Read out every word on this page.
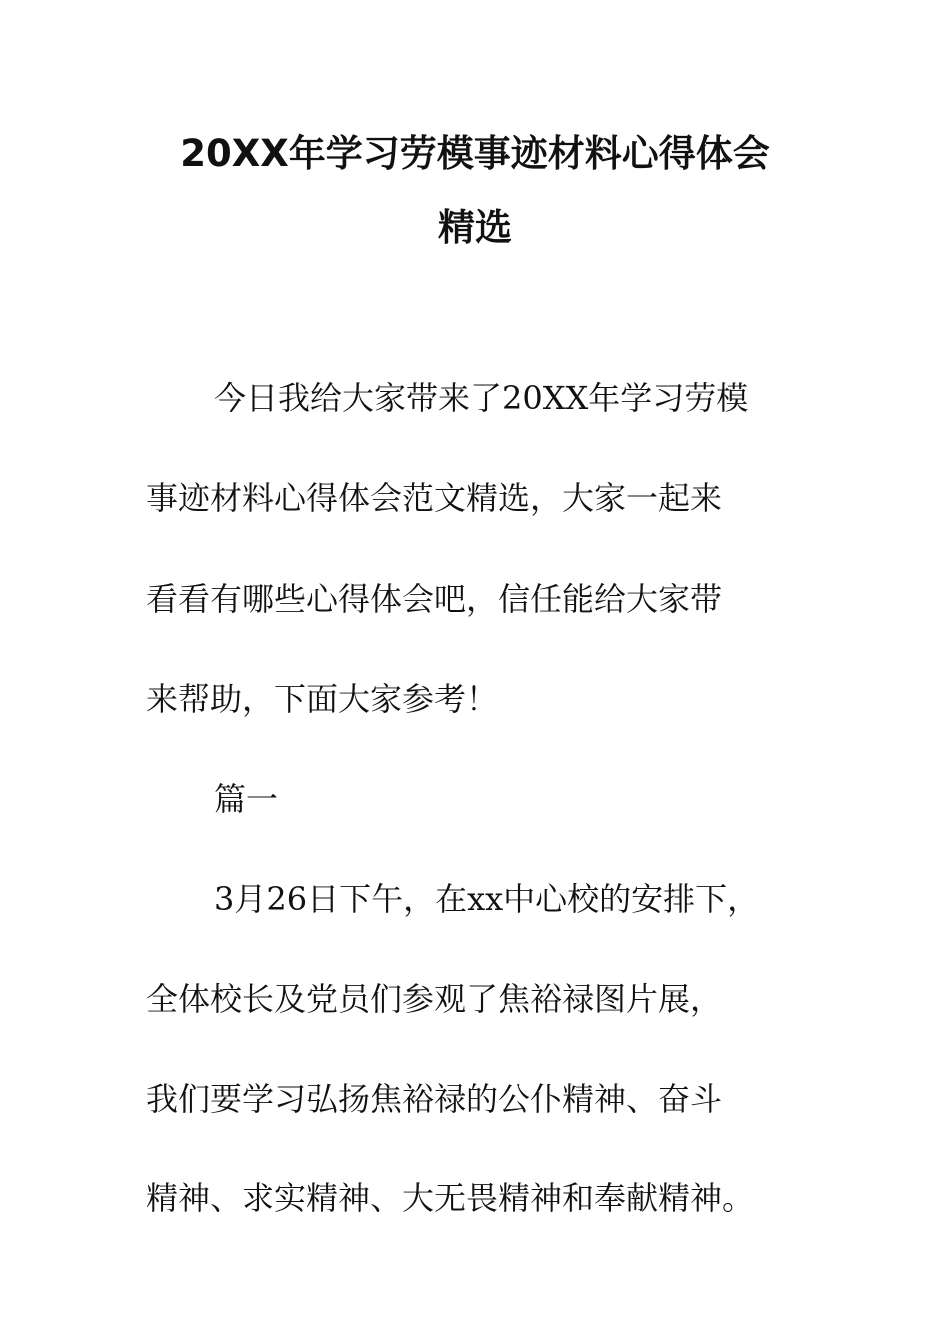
20XX年学习劳模事迹材料心得体会
精选

今日我给大家带来了20XX年学习劳模

事迹材料心得体会范文精选，大家一起来

看看有哪些心得体会吧，信任能给大家带

来帮助，下面大家参考！

篇一

3月26日下午，在xx中心校的安排下，

全体校长及党员们参观了焦裕禄图片展，

我们要学习弘扬焦裕禄的公仆精神、奋斗

精神、求实精神、大无畏精神和奉献精神。
